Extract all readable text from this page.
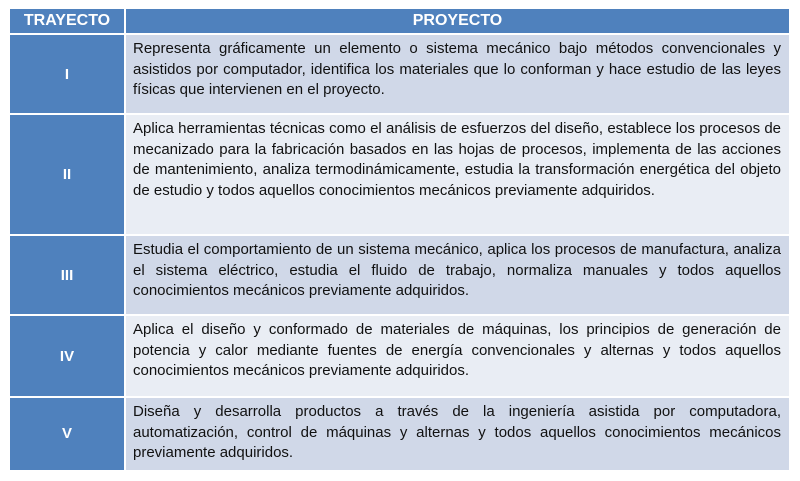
TRAYECTO	PROYECTO
I	Representa gráficamente un elemento o sistema mecánico bajo métodos convencionales y asistidos por computador, identifica los materiales que lo conforman y hace estudio de las leyes físicas que intervienen en el proyecto.
II	Aplica herramientas técnicas como el análisis de esfuerzos del diseño, establece los procesos de mecanizado para la fabricación basados en las hojas de procesos, implementa de las acciones de mantenimiento, analiza termodinámicamente, estudia la transformación energética del objeto de estudio y todos aquellos conocimientos mecánicos previamente adquiridos.
III	Estudia el comportamiento de un sistema mecánico, aplica los procesos de manufactura, analiza el sistema eléctrico, estudia el fluido de trabajo, normaliza manuales y todos aquellos conocimientos mecánicos previamente adquiridos.
IV	Aplica el diseño y conformado de materiales de máquinas, los principios de generación de potencia y calor mediante fuentes de energía convencionales y alternas y todos aquellos conocimientos mecánicos previamente adquiridos.
V	Diseña y desarrolla productos a través de la ingeniería asistida por computadora, automatización, control de máquinas y alternas y todos aquellos conocimientos mecánicos previamente adquiridos.
